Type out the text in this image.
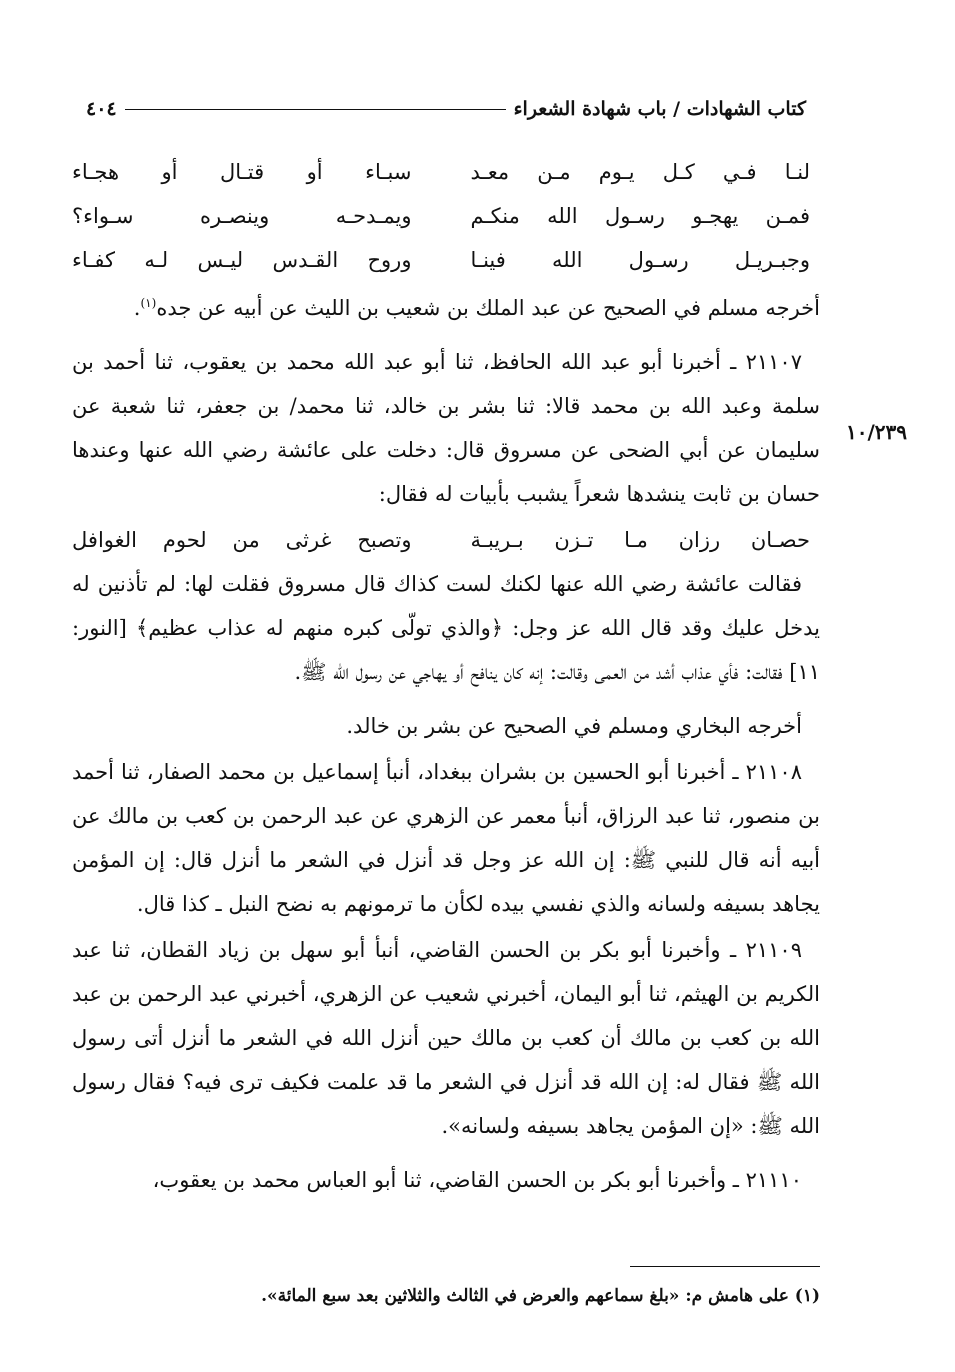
كتاب الشهادات / باب شهادة الشعراء
٤٠٤
١٠/٢٣٩
لنـا فـي كـل يـوم مـن معـد
سبـاء أو قتـال أو هجـاء
فمـن يهجـو رسـول الله منكـم
ويمـدحـه وينصـره سـواء؟
وجبـريـل رسـول الله فينـا
وروح القـدس ليـس لـه كفـاء

أخرجه مسلم في الصحيح عن عبد الملك بن شعيب بن الليث عن أبيه عن جده$^{(١)}$.

٢١١٠٧ ـ أخبرنا أبو عبد الله الحافظ، ثنا أبو عبد الله محمد بن يعقوب، ثنا أحمد بن سلمة وعبد الله بن محمد قالا: ثنا بشر بن خالد، ثنا محمد/ بن جعفر، ثنا شعبة عن سليمان عن أبي الضحى عن مسروق قال: دخلت على عائشة رضي الله عنها وعندها حسان بن ثابت ينشدها شعراً يشبب بأبيات له فقال:

حصـان رزان مـا تـزن بـريبـة
وتصبح غرثى من لحوم الغوافل

فقالت عائشة رضي الله عنها لكنك لست كذاك قال مسروق فقلت لها: لم تأذنين له يدخل عليك وقد قال الله عز وجل: ﴿والذي تولّى كبره منهم له عذاب عظيم﴾ [النور: ١١] فقالت: فأي عذاب أشد من العمى وقالت: إنه كان ينافح أو يهاجي عن رسول الله ﷺ.

أخرجه البخاري ومسلم في الصحيح عن بشر بن خالد.

٢١١٠٨ ـ أخبرنا أبو الحسين بن بشران ببغداد، أنبأ إسماعيل بن محمد الصفار، ثنا أحمد بن منصور، ثنا عبد الرزاق، أنبأ معمر عن الزهري عن عبد الرحمن بن كعب بن مالك عن أبيه أنه قال للنبي ﷺ: إن الله عز وجل قد أنزل في الشعر ما أنزل قال: إن المؤمن يجاهد بسيفه ولسانه والذي نفسي بيده لكأن ما ترمونهم به نضح النبل ـ كذا قال.

٢١١٠٩ ـ وأخبرنا أبو بكر بن الحسن القاضي، أنبأ أبو سهل بن زياد القطان، ثنا عبد الكريم بن الهيثم، ثنا أبو اليمان، أخبرني شعيب عن الزهري، أخبرني عبد الرحمن بن عبد الله بن كعب بن مالك أن كعب بن مالك حين أنزل الله في الشعر ما أنزل أتى رسول الله ﷺ فقال له: إن الله قد أنزل في الشعر ما قد علمت فكيف ترى فيه؟ فقال رسول الله ﷺ: «إن المؤمن يجاهد بسيفه ولسانه».

٢١١١٠ ـ وأخبرنا أبو بكر بن الحسن القاضي، ثنا أبو العباس محمد بن يعقوب،

(١) على هامش م: «بلغ سماعهم والعرض في الثالث والثلاثين بعد سبع المائة».
